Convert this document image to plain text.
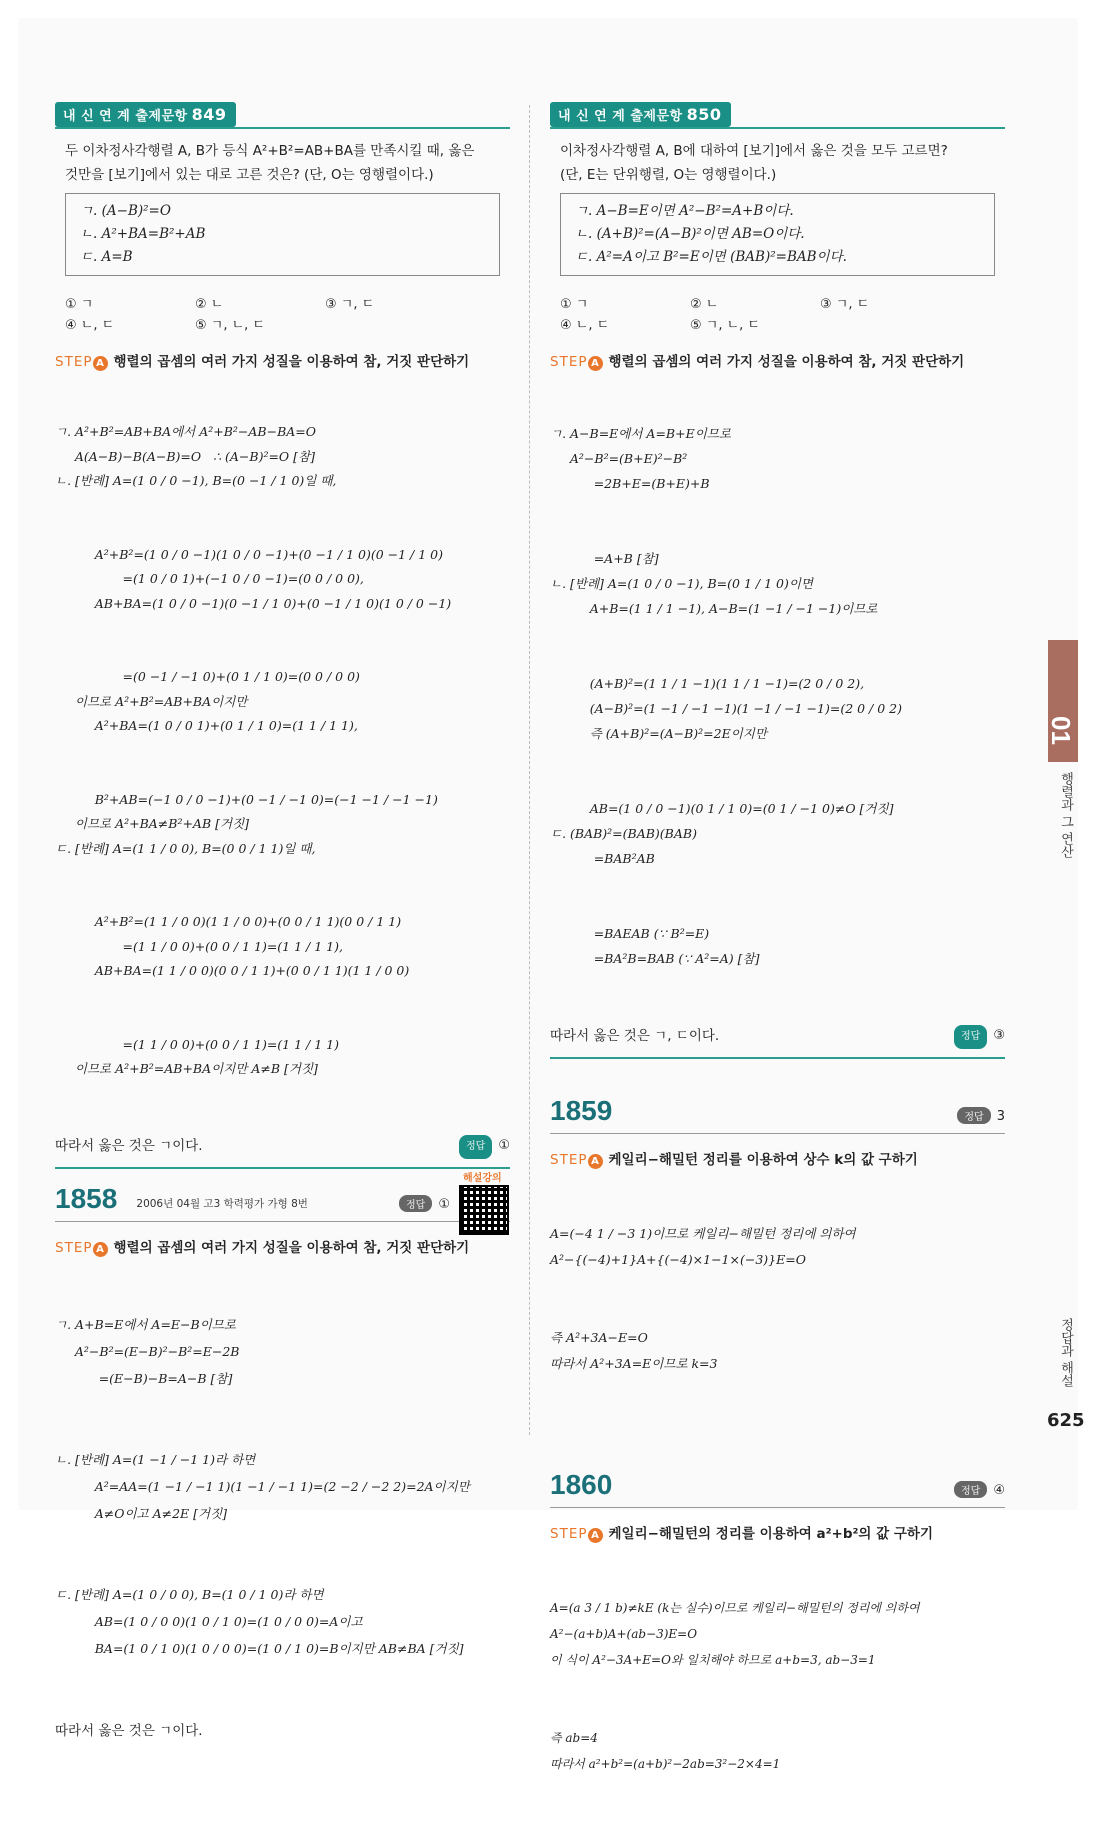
내 신 연 계 출제문항 849
두 이차정사각행렬 A, B가 등식 A²+B²=AB+BA를 만족시킬 때, 옳은
것만을 [보기]에서 있는 대로 고른 것은? (단, O는 영행렬이다.)
ㄱ. (A−B)²=O
ㄴ. A²+BA=B²+AB
ㄷ. A=B
① ㄱ	② ㄴ	③ ㄱ, ㄷ
④ ㄴ, ㄷ	⑤ ㄱ, ㄴ, ㄷ
STEP A 행렬의 곱셈의 여러 가지 성질을 이용하여 참, 거짓 판단하기

ㄱ. A²+B²=AB+BA에서 A²+B²−AB−BA=O
A(A−B)−B(A−B)=O   ∴ (A−B)²=O [참]
ㄴ. [반례] A=(1 0 / 0 −1), B=(0 −1 / 1 0)일 때,

A²+B²=(1 0 / 0 −1)(1 0 / 0 −1)+(0 −1 / 1 0)(0 −1 / 1 0)
=(1 0 / 0 1)+(−1 0 / 0 −1)=(0 0 / 0 0),
AB+BA=(1 0 / 0 −1)(0 −1 / 1 0)+(0 −1 / 1 0)(1 0 / 0 −1)

=(0 −1 / −1 0)+(0 1 / 1 0)=(0 0 / 0 0)
이므로 A²+B²=AB+BA이지만
A²+BA=(1 0 / 0 1)+(0 1 / 1 0)=(1 1 / 1 1),

B²+AB=(−1 0 / 0 −1)+(0 −1 / −1 0)=(−1 −1 / −1 −1)
이므로 A²+BA≠B²+AB [거짓]
ㄷ. [반례] A=(1 1 / 0 0), B=(0 0 / 1 1)일 때,

A²+B²=(1 1 / 0 0)(1 1 / 0 0)+(0 0 / 1 1)(0 0 / 1 1)
=(1 1 / 0 0)+(0 0 / 1 1)=(1 1 / 1 1),
AB+BA=(1 1 / 0 0)(0 0 / 1 1)+(0 0 / 1 1)(1 1 / 0 0)

=(1 1 / 0 0)+(0 0 / 1 1)=(1 1 / 1 1)
이므로 A²+B²=AB+BA이지만 A≠B [거짓]

따라서 옳은 것은 ㄱ이다.	정답 ①
1858 2006년 04월 고3 학력평가 가형 8번	정답 ①
해설강의
STEP A 행렬의 곱셈의 여러 가지 성질을 이용하여 참, 거짓 판단하기

ㄱ. A+B=E에서 A=E−B이므로
A²−B²=(E−B)²−B²=E−2B
=(E−B)−B=A−B [참]

ㄴ. [반례] A=(1 −1 / −1 1)라 하면
A²=AA=(1 −1 / −1 1)(1 −1 / −1 1)=(2 −2 / −2 2)=2A이지만
A≠O이고 A≠2E [거짓]

ㄷ. [반례] A=(1 0 / 0 0), B=(1 0 / 1 0)라 하면
AB=(1 0 / 0 0)(1 0 / 1 0)=(1 0 / 0 0)=A이고
BA=(1 0 / 1 0)(1 0 / 0 0)=(1 0 / 1 0)=B이지만 AB≠BA [거짓]

따라서 옳은 것은 ㄱ이다.
내 신 연 계 출제문항 850
이차정사각행렬 A, B에 대하여 [보기]에서 옳은 것을 모두 고르면?
(단, E는 단위행렬, O는 영행렬이다.)
ㄱ. A−B=E이면 A²−B²=A+B이다.
ㄴ. (A+B)²=(A−B)²이면 AB=O이다.
ㄷ. A²=A이고 B²=E이면 (BAB)²=BAB이다.
① ㄱ	② ㄴ	③ ㄱ, ㄷ
④ ㄴ, ㄷ	⑤ ㄱ, ㄴ, ㄷ
STEP A 행렬의 곱셈의 여러 가지 성질을 이용하여 참, 거짓 판단하기

ㄱ. A−B=E에서 A=B+E이므로
A²−B²=(B+E)²−B²
=2B+E=(B+E)+B

=A+B [참]
ㄴ. [반례] A=(1 0 / 0 −1), B=(0 1 / 1 0)이면
A+B=(1 1 / 1 −1), A−B=(1 −1 / −1 −1)이므로

(A+B)²=(1 1 / 1 −1)(1 1 / 1 −1)=(2 0 / 0 2),
(A−B)²=(1 −1 / −1 −1)(1 −1 / −1 −1)=(2 0 / 0 2)
즉 (A+B)²=(A−B)²=2E이지만

AB=(1 0 / 0 −1)(0 1 / 1 0)=(0 1 / −1 0)≠O [거짓]
ㄷ. (BAB)²=(BAB)(BAB)
=BAB²AB

=BAEAB (∵ B²=E)
=BA²B=BAB (∵ A²=A) [참]

따라서 옳은 것은 ㄱ, ㄷ이다.	정답 ③
1859	정답 3
STEP A 케일리−해밀턴 정리를 이용하여 상수 k의 값 구하기

A=(−4 1 / −3 1)이므로 케일리−해밀턴 정리에 의하여
A²−{(−4)+1}A+{(−4)×1−1×(−3)}E=O

즉 A²+3A−E=O
따라서 A²+3A=E이므로 k=3

1860	정답 ④
STEP A 케일리−해밀턴의 정리를 이용하여 a²+b²의 값 구하기

A=(a 3 / 1 b)≠kE (k는 실수)이므로 케일리−해밀턴의 정리에 의하여
A²−(a+b)A+(ab−3)E=O
이 식이 A²−3A+E=O와 일치해야 하므로 a+b=3, ab−3=1

즉 ab=4
따라서 a²+b²=(a+b)²−2ab=3²−2×4=1

01
행렬과 그 연산
정답과 해설
625
